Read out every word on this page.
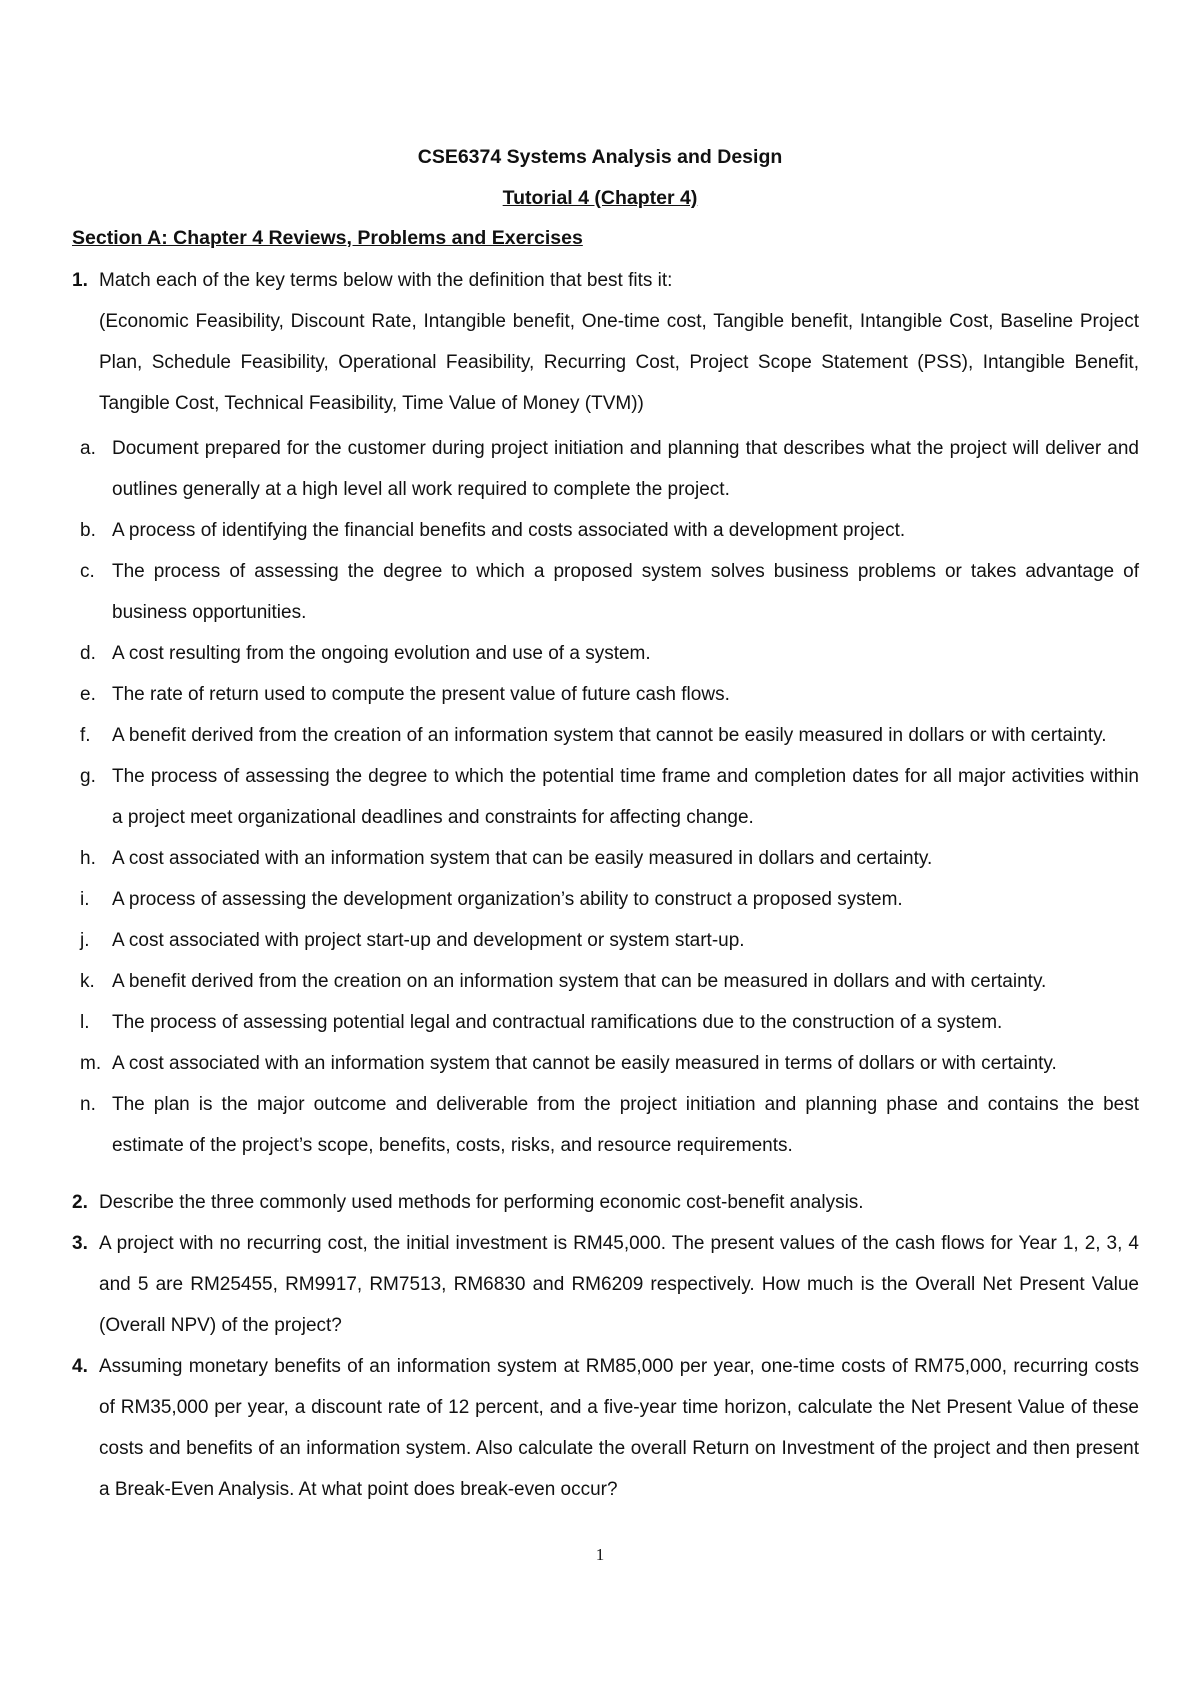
CSE6374 Systems Analysis and Design
Tutorial 4 (Chapter 4)
Section A: Chapter 4 Reviews, Problems and Exercises
1. Match each of the key terms below with the definition that best fits it:
(Economic Feasibility, Discount Rate, Intangible benefit, One-time cost, Tangible benefit, Intangible Cost, Baseline Project Plan, Schedule Feasibility, Operational Feasibility, Recurring Cost, Project Scope Statement (PSS), Intangible Benefit, Tangible Cost, Technical Feasibility, Time Value of Money (TVM))
a. Document prepared for the customer during project initiation and planning that describes what the project will deliver and outlines generally at a high level all work required to complete the project.
b. A process of identifying the financial benefits and costs associated with a development project.
c. The process of assessing the degree to which a proposed system solves business problems or takes advantage of business opportunities.
d. A cost resulting from the ongoing evolution and use of a system.
e. The rate of return used to compute the present value of future cash flows.
f. A benefit derived from the creation of an information system that cannot be easily measured in dollars or with certainty.
g. The process of assessing the degree to which the potential time frame and completion dates for all major activities within a project meet organizational deadlines and constraints for affecting change.
h. A cost associated with an information system that can be easily measured in dollars and certainty.
i. A process of assessing the development organization’s ability to construct a proposed system.
j. A cost associated with project start-up and development or system start-up.
k. A benefit derived from the creation on an information system that can be measured in dollars and with certainty.
l. The process of assessing potential legal and contractual ramifications due to the construction of a system.
m. A cost associated with an information system that cannot be easily measured in terms of dollars or with certainty.
n. The plan is the major outcome and deliverable from the project initiation and planning phase and contains the best estimate of the project’s scope, benefits, costs, risks, and resource requirements.
2. Describe the three commonly used methods for performing economic cost-benefit analysis.
3. A project with no recurring cost, the initial investment is RM45,000. The present values of the cash flows for Year 1, 2, 3, 4 and 5 are RM25455, RM9917, RM7513, RM6830 and RM6209 respectively. How much is the Overall Net Present Value (Overall NPV) of the project?
4. Assuming monetary benefits of an information system at RM85,000 per year, one-time costs of RM75,000, recurring costs of RM35,000 per year, a discount rate of 12 percent, and a five-year time horizon, calculate the Net Present Value of these costs and benefits of an information system. Also calculate the overall Return on Investment of the project and then present a Break-Even Analysis. At what point does break-even occur?
1
